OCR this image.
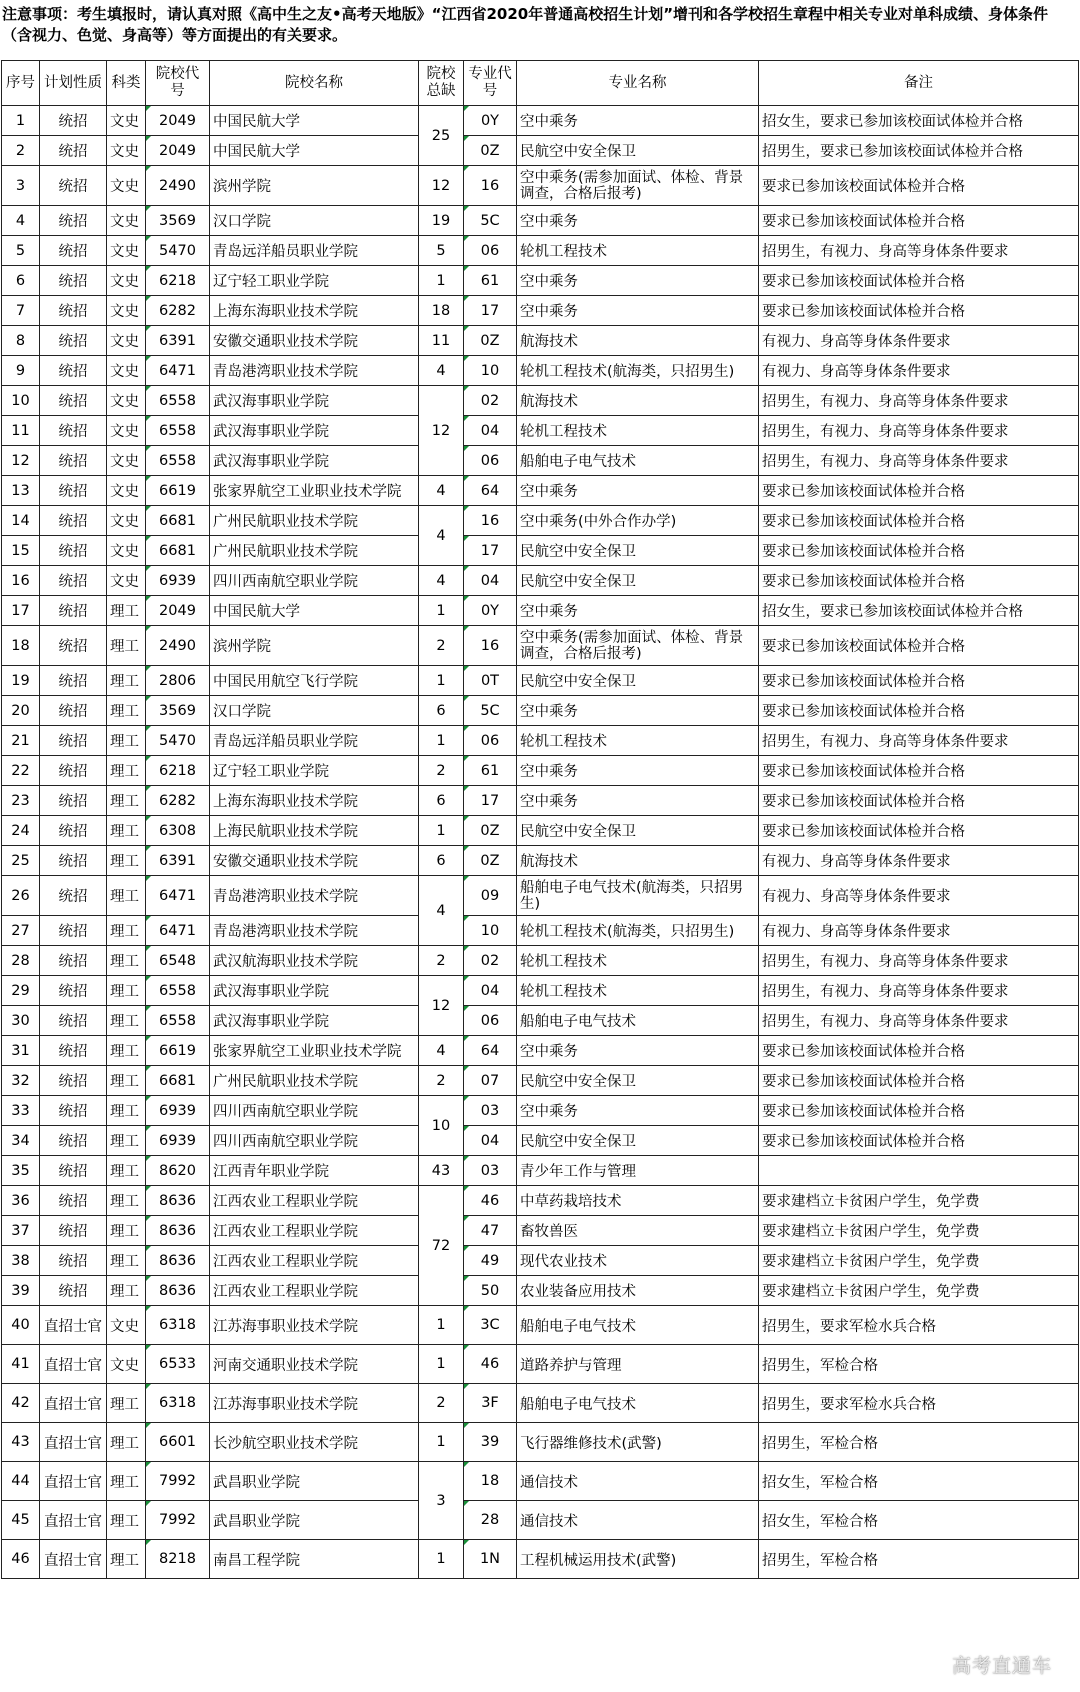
注意事项：考生填报时，请认真对照《高中生之友•高考天地版》“江西省2020年普通高校招生计划”增刊和各学校招生章程中相关专业对单科成绩、身体条件（含视力、色觉、身高等）等方面提出的有关要求。
序号	计划性质	科类	院校代号	院校名称	院校总缺	专业代号	专业名称	备注
1	统招	文史	2049	中国民航大学	25	0Y	空中乘务	招女生，要求已参加该校面试体检并合格
2	统招	文史	2049	中国民航大学		0Z	民航空中安全保卫	招男生，要求已参加该校面试体检并合格
3	统招	文史	2490	滨州学院	12	16	空中乘务(需参加面试、体检、背景调查，合格后报考)	要求已参加该校面试体检并合格
4	统招	文史	3569	汉口学院	19	5C	空中乘务	要求已参加该校面试体检并合格
5	统招	文史	5470	青岛远洋船员职业学院	5	06	轮机工程技术	招男生，有视力、身高等身体条件要求
6	统招	文史	6218	辽宁轻工职业学院	1	61	空中乘务	要求已参加该校面试体检并合格
7	统招	文史	6282	上海东海职业技术学院	18	17	空中乘务	要求已参加该校面试体检并合格
8	统招	文史	6391	安徽交通职业技术学院	11	0Z	航海技术	有视力、身高等身体条件要求
9	统招	文史	6471	青岛港湾职业技术学院	4	10	轮机工程技术(航海类，只招男生)	有视力、身高等身体条件要求
10	统招	文史	6558	武汉海事职业学院	12	02	航海技术	招男生，有视力、身高等身体条件要求
11	统招	文史	6558	武汉海事职业学院		04	轮机工程技术	招男生，有视力、身高等身体条件要求
12	统招	文史	6558	武汉海事职业学院		06	船舶电子电气技术	招男生，有视力、身高等身体条件要求
13	统招	文史	6619	张家界航空工业职业技术学院	4	64	空中乘务	要求已参加该校面试体检并合格
14	统招	文史	6681	广州民航职业技术学院	4	16	空中乘务(中外合作办学)	要求已参加该校面试体检并合格
15	统招	文史	6681	广州民航职业技术学院		17	民航空中安全保卫	要求已参加该校面试体检并合格
16	统招	文史	6939	四川西南航空职业学院	4	04	民航空中安全保卫	要求已参加该校面试体检并合格
17	统招	理工	2049	中国民航大学	1	0Y	空中乘务	招女生，要求已参加该校面试体检并合格
18	统招	理工	2490	滨州学院	2	16	空中乘务(需参加面试、体检、背景调查，合格后报考)	要求已参加该校面试体检并合格
19	统招	理工	2806	中国民用航空飞行学院	1	0T	民航空中安全保卫	要求已参加该校面试体检并合格
20	统招	理工	3569	汉口学院	6	5C	空中乘务	要求已参加该校面试体检并合格
21	统招	理工	5470	青岛远洋船员职业学院	1	06	轮机工程技术	招男生，有视力、身高等身体条件要求
22	统招	理工	6218	辽宁轻工职业学院	2	61	空中乘务	要求已参加该校面试体检并合格
23	统招	理工	6282	上海东海职业技术学院	6	17	空中乘务	要求已参加该校面试体检并合格
24	统招	理工	6308	上海民航职业技术学院	1	0Z	民航空中安全保卫	要求已参加该校面试体检并合格
25	统招	理工	6391	安徽交通职业技术学院	6	0Z	航海技术	有视力、身高等身体条件要求
26	统招	理工	6471	青岛港湾职业技术学院	4	09	船舶电子电气技术(航海类，只招男生)	有视力、身高等身体条件要求
27	统招	理工	6471	青岛港湾职业技术学院		10	轮机工程技术(航海类，只招男生)	有视力、身高等身体条件要求
28	统招	理工	6548	武汉航海职业技术学院	2	02	轮机工程技术	招男生，有视力、身高等身体条件要求
29	统招	理工	6558	武汉海事职业学院	12	04	轮机工程技术	招男生，有视力、身高等身体条件要求
30	统招	理工	6558	武汉海事职业学院		06	船舶电子电气技术	招男生，有视力、身高等身体条件要求
31	统招	理工	6619	张家界航空工业职业技术学院	4	64	空中乘务	要求已参加该校面试体检并合格
32	统招	理工	6681	广州民航职业技术学院	2	07	民航空中安全保卫	要求已参加该校面试体检并合格
33	统招	理工	6939	四川西南航空职业学院	10	03	空中乘务	要求已参加该校面试体检并合格
34	统招	理工	6939	四川西南航空职业学院		04	民航空中安全保卫	要求已参加该校面试体检并合格
35	统招	理工	8620	江西青年职业学院	43	03	青少年工作与管理	
36	统招	理工	8636	江西农业工程职业学院	72	46	中草药栽培技术	要求建档立卡贫困户学生，免学费
37	统招	理工	8636	江西农业工程职业学院		47	畜牧兽医	要求建档立卡贫困户学生，免学费
38	统招	理工	8636	江西农业工程职业学院		49	现代农业技术	要求建档立卡贫困户学生，免学费
39	统招	理工	8636	江西农业工程职业学院		50	农业装备应用技术	要求建档立卡贫困户学生，免学费
40	直招士官	文史	6318	江苏海事职业技术学院	1	3C	船舶电子电气技术	招男生，要求军检水兵合格
41	直招士官	文史	6533	河南交通职业技术学院	1	46	道路养护与管理	招男生，军检合格
42	直招士官	理工	6318	江苏海事职业技术学院	2	3F	船舶电子电气技术	招男生，要求军检水兵合格
43	直招士官	理工	6601	长沙航空职业技术学院	1	39	飞行器维修技术(武警)	招男生，军检合格
44	直招士官	理工	7992	武昌职业学院	3	18	通信技术	招女生，军检合格
45	直招士官	理工	7992	武昌职业学院		28	通信技术	招女生，军检合格
46	直招士官	理工	8218	南昌工程学院	1	1N	工程机械运用技术(武警)	招男生，军检合格
高考直通车
